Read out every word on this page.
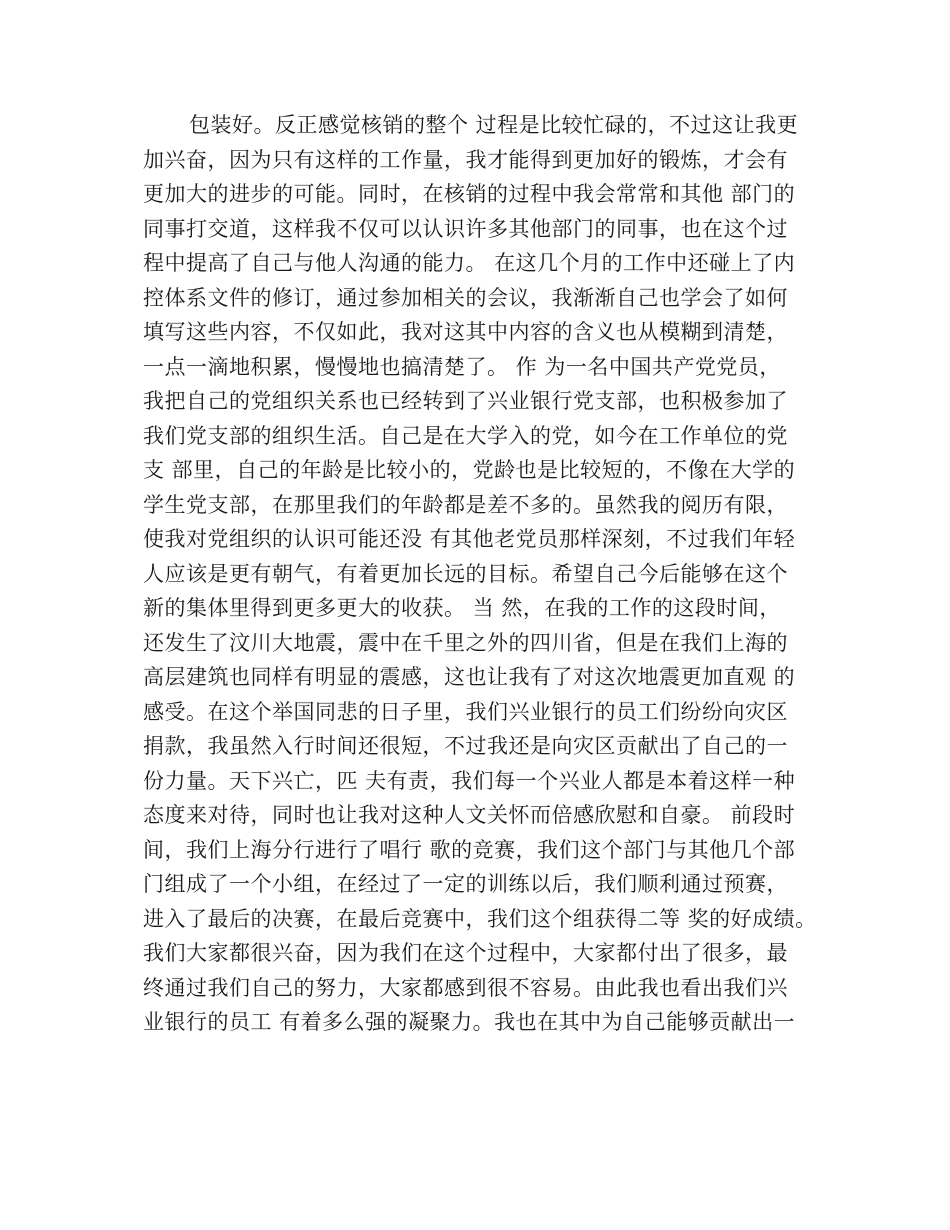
包装好。反正感觉核销的整个 过程是比较忙碌的，不过这让我更
加兴奋，因为只有这样的工作量，我才能得到更加好的锻炼，才会有
更加大的进步的可能。同时，在核销的过程中我会常常和其他 部门的
同事打交道，这样我不仅可以认识许多其他部门的同事，也在这个过
程中提高了自己与他人沟通的能力。 在这几个月的工作中还碰上了内
控体系文件的修订，通过参加相关的会议，我渐渐自己也学会了如何
填写这些内容，不仅如此，我对这其中内容的含义也从模糊到清楚，
一点一滴地积累，慢慢地也搞清楚了。 作 为一名中国共产党党员，
我把自己的党组织关系也已经转到了兴业银行党支部，也积极参加了
我们党支部的组织生活。自己是在大学入的党，如今在工作单位的党
支 部里，自己的年龄是比较小的，党龄也是比较短的，不像在大学的
学生党支部，在那里我们的年龄都是差不多的。虽然我的阅历有限，
使我对党组织的认识可能还没 有其他老党员那样深刻，不过我们年轻
人应该是更有朝气，有着更加长远的目标。希望自己今后能够在这个
新的集体里得到更多更大的收获。 当 然，在我的工作的这段时间，
还发生了汶川大地震，震中在千里之外的四川省，但是在我们上海的
高层建筑也同样有明显的震感，这也让我有了对这次地震更加直观 的
感受。在这个举国同悲的日子里，我们兴业银行的员工们纷纷向灾区
捐款，我虽然入行时间还很短，不过我还是向灾区贡献出了自己的一
份力量。天下兴亡，匹 夫有责，我们每一个兴业人都是本着这样一种
态度来对待，同时也让我对这种人文关怀而倍感欣慰和自豪。 前段时
间，我们上海分行进行了唱行 歌的竞赛，我们这个部门与其他几个部
门组成了一个小组，在经过了一定的训练以后，我们顺利通过预赛，
进入了最后的决赛，在最后竞赛中，我们这个组获得二等 奖的好成绩。
我们大家都很兴奋，因为我们在这个过程中，大家都付出了很多，最
终通过我们自己的努力，大家都感到很不容易。由此我也看出我们兴
业银行的员工 有着多么强的凝聚力。我也在其中为自己能够贡献出一
